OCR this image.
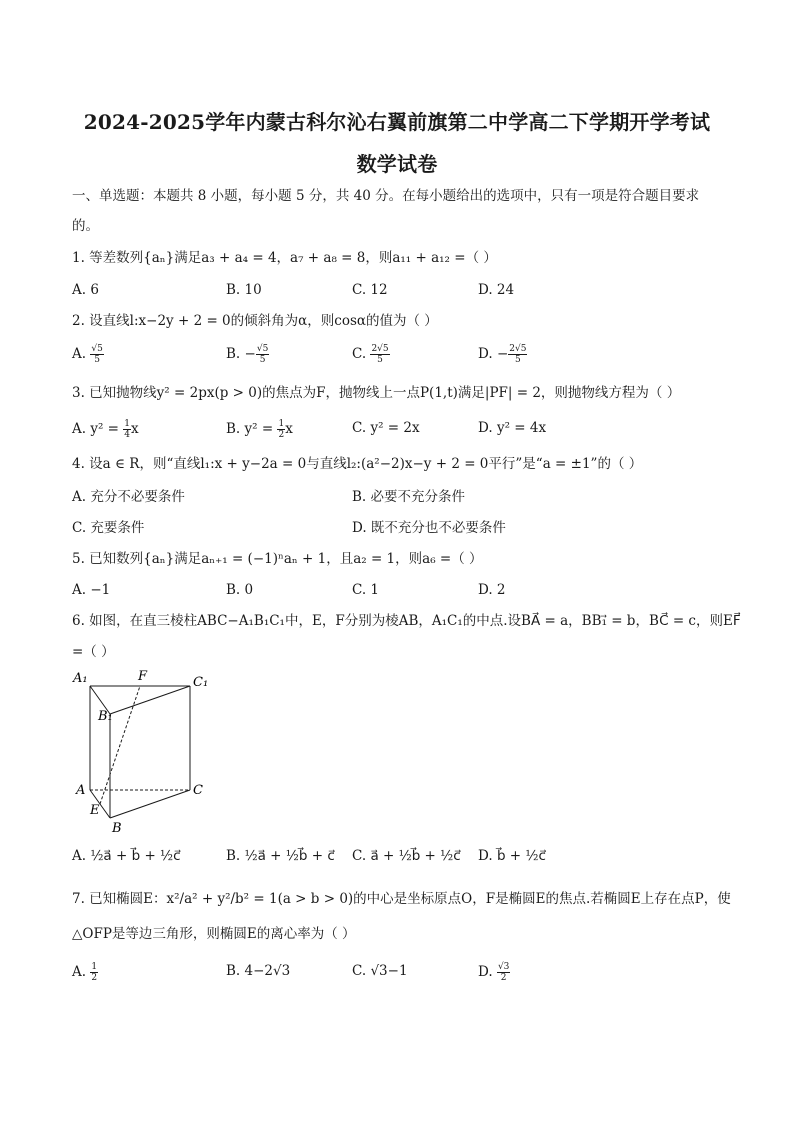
2024-2025学年内蒙古科尔沁右翼前旗第二中学高二下学期开学考试
数学试卷
一、单选题：本题共 8 小题，每小题 5 分，共 40 分。在每小题给出的选项中，只有一项是符合题目要求
的。
1. 等差数列{aₙ}满足a₃ + a₄ = 4，a₇ + a₈ = 8，则a₁₁ + a₁₂ =（ ）
A. 6	B. 10	C. 12	D. 24
2. 设直线l:x−2y + 2 = 0的倾斜角为α，则cosα的值为（ ）
A. $\frac{√5}{5}$	B. − $\frac{√5}{5}$	C. $\frac{2√5}{5}$	D. − $\frac{2√5}{5}$
3. 已知抛物线y² = 2px(p > 0)的焦点为F，抛物线上一点P(1,t)满足|PF| = 2，则抛物线方程为（ ）
A. $y^2 = \frac{1}{4}$ x	B. $y^2 = \frac{1}{2}$ x	C. y² = 2x	D. y² = 4x
4. 设a ∈ R，则“直线l₁:x + y−2a = 0与直线l₂:(a²−2)x−y + 2 = 0平行”是“a = ±1”的（ ）
A. 充分不必要条件	B. 必要不充分条件
C. 充要条件	D. 既不充分也不必要条件
5. 已知数列{aₙ}满足aₙ₊₁ = (−1)ⁿaₙ + 1，且a₂ = 1，则a₆ =（ ）
A. −1	B. 0	C. 1	D. 2
6. 如图，在直三棱柱ABC−A₁B₁C₁中，E，F分别为棱AB，A₁C₁的中点.设BA⃗ = a，BB₁⃗ = b，BC⃗ = c，则EF⃗
=（ ）
A₁	F	C₁
B₁
A	C
E
B
A. ½a⃗ + b⃗ + ½c⃗	B. ½a⃗ + ½b⃗ + c⃗ C. a⃗ + ½b⃗ + ½c⃗ D. b⃗ + ½c⃗
7. 已知椭圆E：x²/a² + y²/b² = 1(a > b > 0)的中心是坐标原点O，F是椭圆E的焦点.若椭圆E上存在点P，使
△OFP是等边三角形，则椭圆E的离心率为（ ）
A. $\frac{1}{2}$	B. 4−2√3	C. √3−1	D. $\frac{√3}{2}$
